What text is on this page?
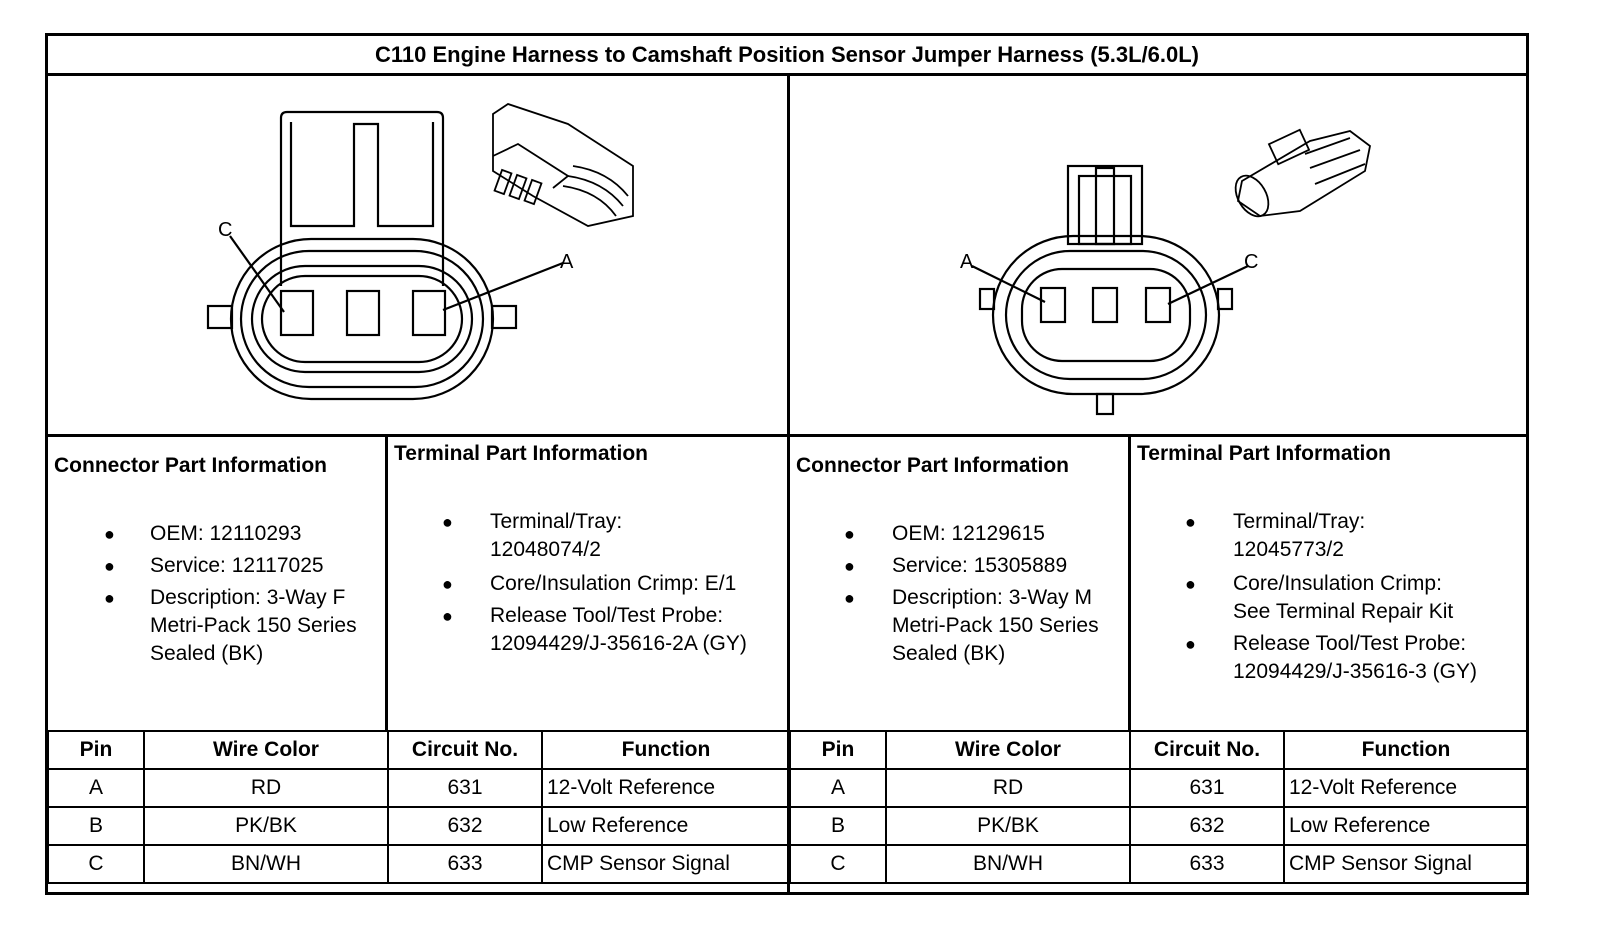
C110 Engine Harness to Camshaft Position Sensor Jumper Harness (5.3L/6.0L)
C
A	A	C
Connector Part Information
●	OEM: 12110293
●	Service: 12117025
●	Description: 3-Way F Metri-Pack 150 Series Sealed (BK)
Terminal Part Information
●	Terminal/Tray: 12048074/2
●	Core/Insulation Crimp: E/1
●	Release Tool/Test Probe: 12094429/J-35616-2A (GY)
Connector Part Information
●	OEM: 12129615
●	Service: 15305889
●	Description: 3-Way M Metri-Pack 150 Series Sealed (BK)
Terminal Part Information
●	Terminal/Tray: 12045773/2
●	Core/Insulation Crimp: See Terminal Repair Kit
●	Release Tool/Test Probe: 12094429/J-35616-3 (GY)
Pin	Wire Color	Circuit No.	Function	Pin	Wire Color	Circuit No.	Function
A	RD	631	12-Volt Reference	A	RD	631	12-Volt Reference
B	PK/BK	632	Low Reference	B	PK/BK	632	Low Reference
C	BN/WH	633	CMP Sensor Signal	C	BN/WH	633	CMP Sensor Signal
